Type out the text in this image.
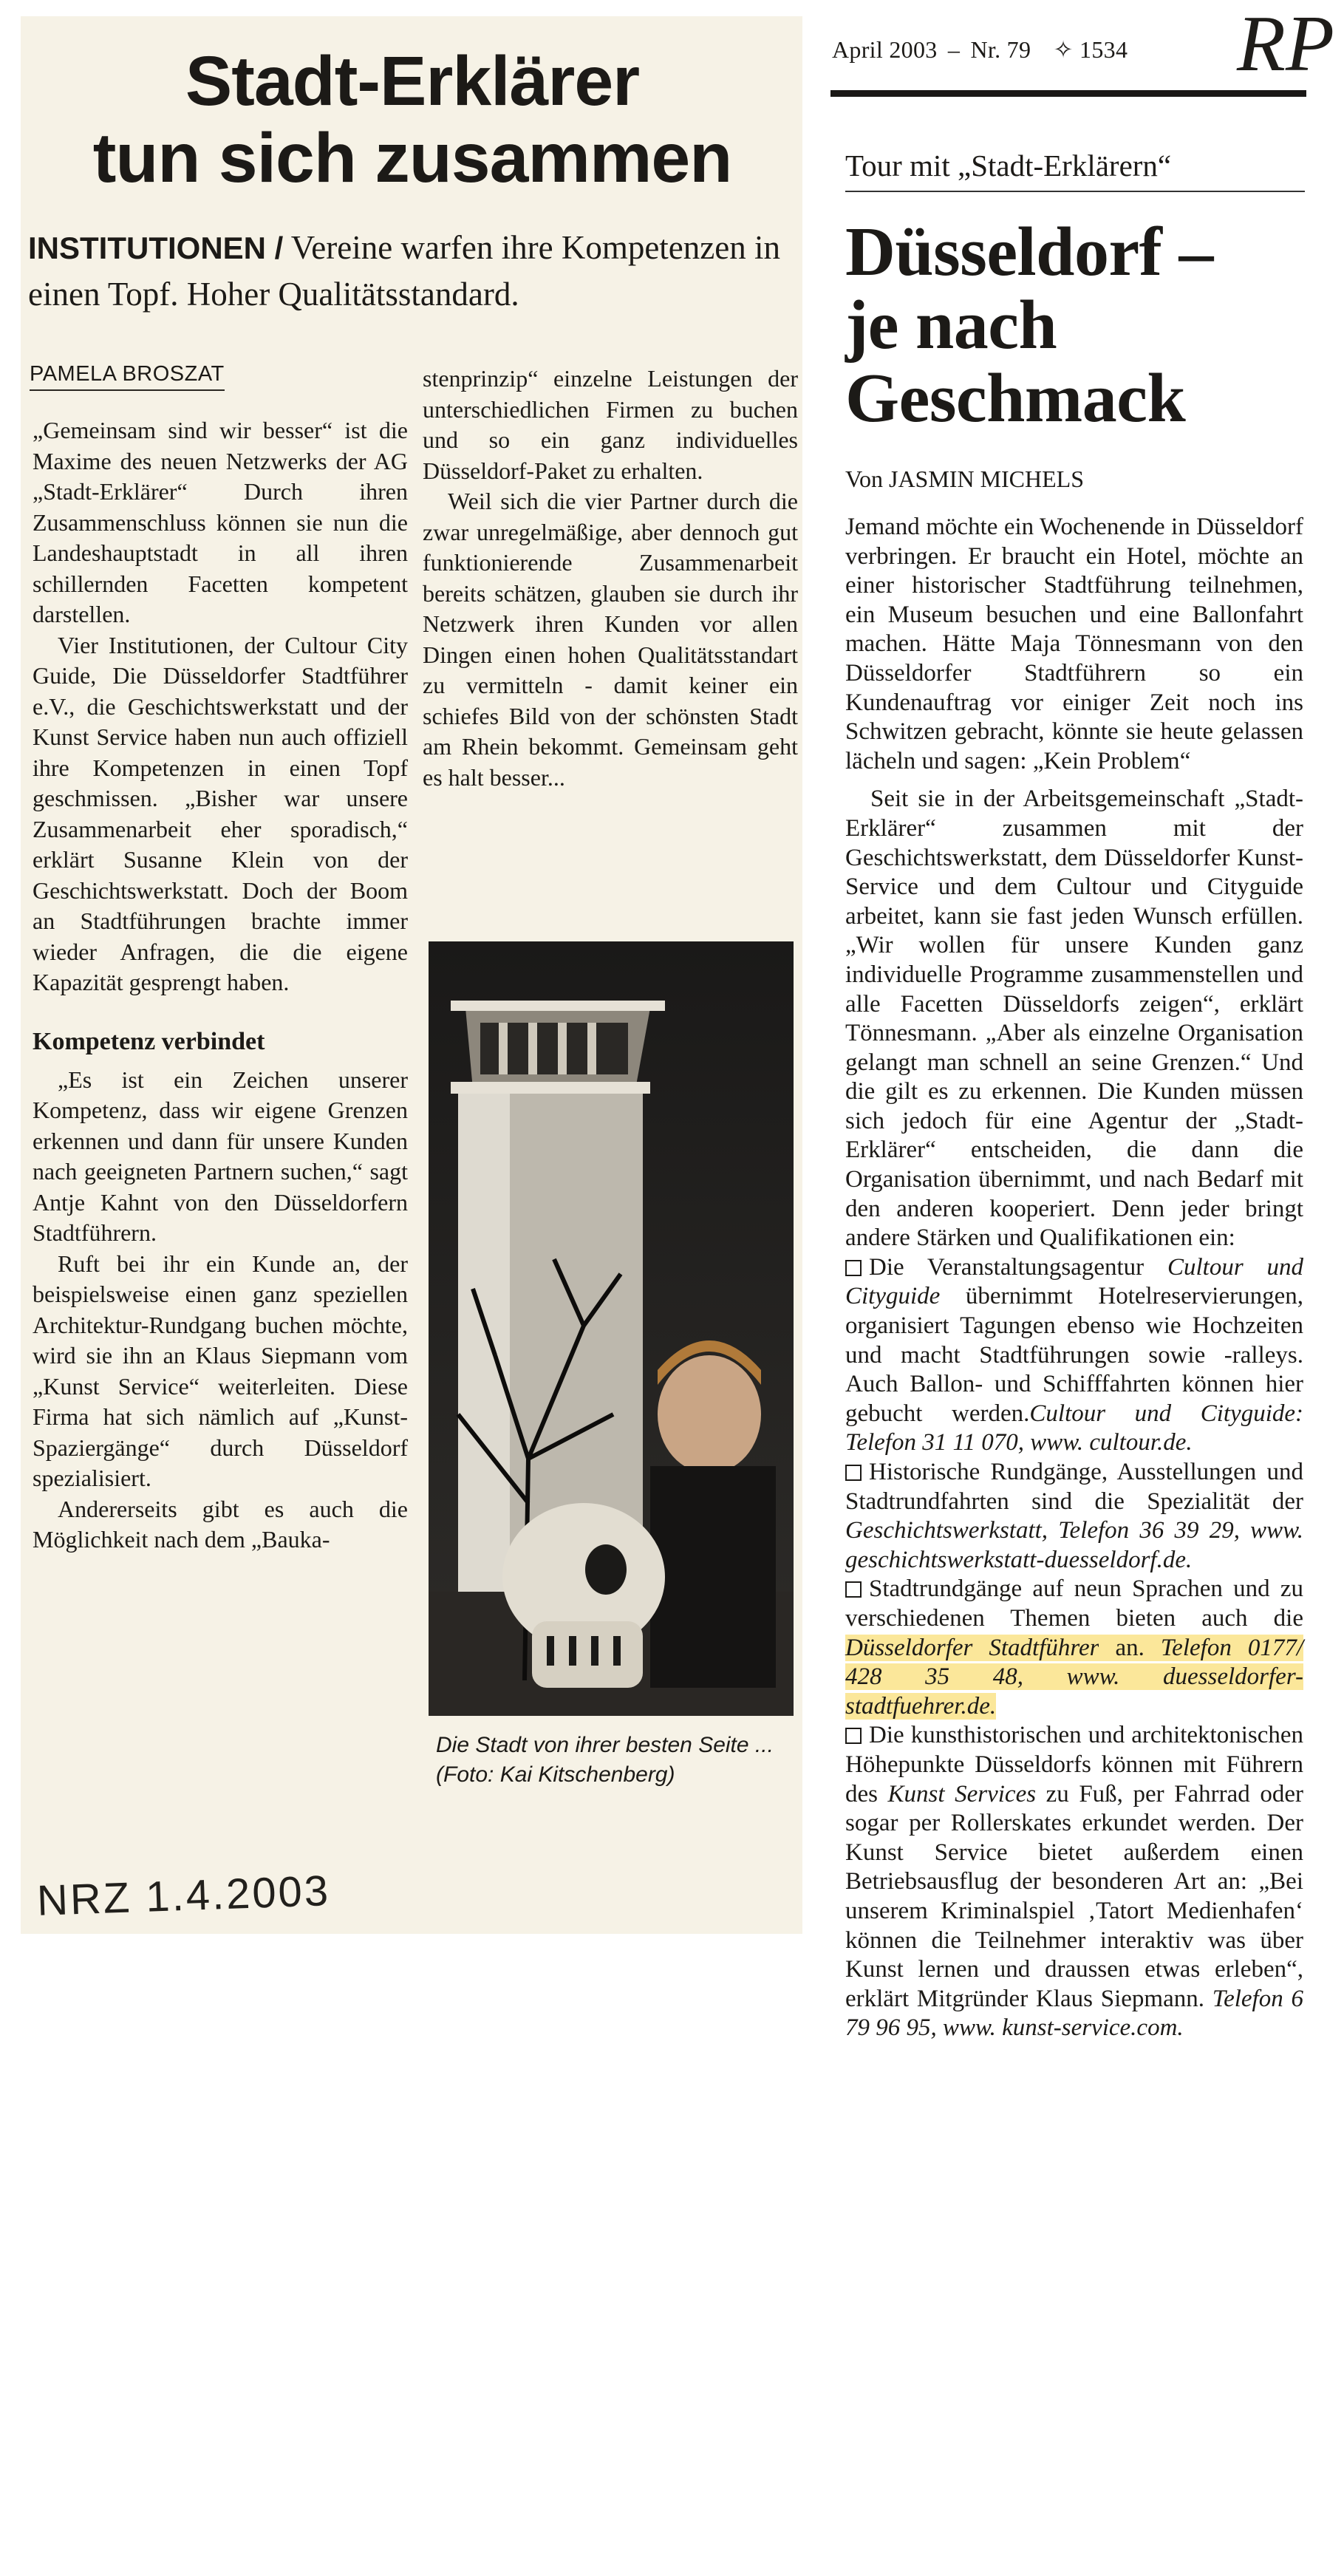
Stadt-Erklärer
tun sich zusammen
INSTITUTIONEN / Vereine warfen ihre Kompetenzen in einen Topf. Hoher Qualitätsstandard.
PAMELA BROSZAT

„Gemeinsam sind wir besser“ ist die Maxime des neuen Netzwerks der AG „Stadt-Erklärer“ Durch ihren Zusammenschluss können sie nun die Landeshauptstadt in all ihren schillernden Facetten kompetent darstellen.

Vier Institutionen, der Cultour City Guide, Die Düsseldorfer Stadtführer e.V., die Geschichtswerkstatt und der Kunst Service haben nun auch offiziell ihre Kompetenzen in einen Topf geschmissen. „Bisher war unsere Zusammenarbeit eher sporadisch,“ erklärt Susanne Klein von der Geschichtswerkstatt. Doch der Boom an Stadtführungen brachte immer wieder Anfragen, die die eigene Kapazität gesprengt haben.

Kompetenz verbindet

„Es ist ein Zeichen unserer Kompetenz, dass wir eigene Grenzen erkennen und dann für unsere Kunden nach geeigneten Partnern suchen,“ sagt Antje Kahnt von den Düsseldorfern Stadtführern.

Ruft bei ihr ein Kunde an, der beispielsweise einen ganz speziellen Architektur-Rundgang buchen möchte, wird sie ihn an Klaus Siepmann vom „Kunst Service“ weiterleiten. Diese Firma hat sich nämlich auf „Kunst-Spaziergänge“ durch Düsseldorf spezialisiert.

Andererseits gibt es auch die Möglichkeit nach dem „Bauka-

stenprinzip“ einzelne Leistungen der unterschiedlichen Firmen zu buchen und so ein ganz individuelles Düsseldorf-Paket zu erhalten.

Weil sich die vier Partner durch die zwar unregelmäßige, aber dennoch gut funktionierende Zusammenarbeit bereits schätzen, glauben sie durch ihr Netzwerk ihren Kunden vor allen Dingen einen hohen Qualitätsstandart zu vermitteln - damit keiner ein schiefes Bild von der schönsten Stadt am Rhein bekommt. Gemeinsam geht es halt besser...

Die Stadt von ihrer besten Seite ... (Foto: Kai Kitschenberg)
NRZ 1.4.2003
April 2003 – Nr. 79 ✧ 1534	RP
Tour mit „Stadt-Erklärern“
Düsseldorf –
je nach
Geschmack
Von JASMIN MICHELS

Jemand möchte ein Wochenende in Düsseldorf verbringen. Er braucht ein Hotel, möchte an einer historischer Stadtführung teilnehmen, ein Museum besuchen und eine Ballonfahrt machen. Hätte Maja Tönnesmann von den Düsseldorfer Stadtführern so ein Kundenauftrag vor einiger Zeit noch ins Schwitzen gebracht, könnte sie heute gelassen lächeln und sagen: „Kein Problem“

Seit sie in der Arbeitsgemeinschaft „Stadt-Erklärer“ zusammen mit der Geschichtswerkstatt, dem Düsseldorfer Kunst-Service und dem Cultour und Cityguide arbeitet, kann sie fast jeden Wunsch erfüllen. „Wir wollen für unsere Kunden ganz individuelle Programme zusammenstellen und alle Facetten Düsseldorfs zeigen“, erklärt Tönnesmann. „Aber als einzelne Organisation gelangt man schnell an seine Grenzen.“ Und die gilt es zu erkennen. Die Kunden müssen sich jedoch für eine Agentur der „Stadt-Erklärer“ entscheiden, die dann die Organisation übernimmt, und nach Bedarf mit den anderen kooperiert. Denn jeder bringt andere Stärken und Qualifikationen ein:

Die Veranstaltungsagentur Cultour und Cityguide übernimmt Hotelreservierungen, organisiert Tagungen ebenso wie Hochzeiten und macht Stadtführungen sowie -ralleys. Auch Ballon- und Schifffahrten können hier gebucht werden.Cultour und Cityguide: Telefon 31 11 070, www. cultour.de.

Historische Rundgänge, Ausstellungen und Stadtrundfahrten sind die Spezialität der Geschichtswerkstatt, Telefon 36 39 29, www. geschichtswerkstatt-duesseldorf.de.

Stadtrundgänge auf neun Sprachen und zu verschiedenen Themen bieten auch die Düsseldorfer Stadtführer an. Telefon 0177/ 428 35 48, www. duesseldorfer-stadtfuehrer.de.

Die kunsthistorischen und architektonischen Höhepunkte Düsseldorfs können mit Führern des Kunst Services zu Fuß, per Fahrrad oder sogar per Rollerskates erkundet werden. Der Kunst Service bietet außerdem einen Betriebsausflug der besonderen Art an: „Bei unserem Kriminalspiel ‚Tatort Medienhafen‘ können die Teilnehmer interaktiv was über Kunst lernen und draussen etwas erleben“, erklärt Mitgründer Klaus Siepmann. Telefon 6 79 96 95, www. kunst-service.com.
